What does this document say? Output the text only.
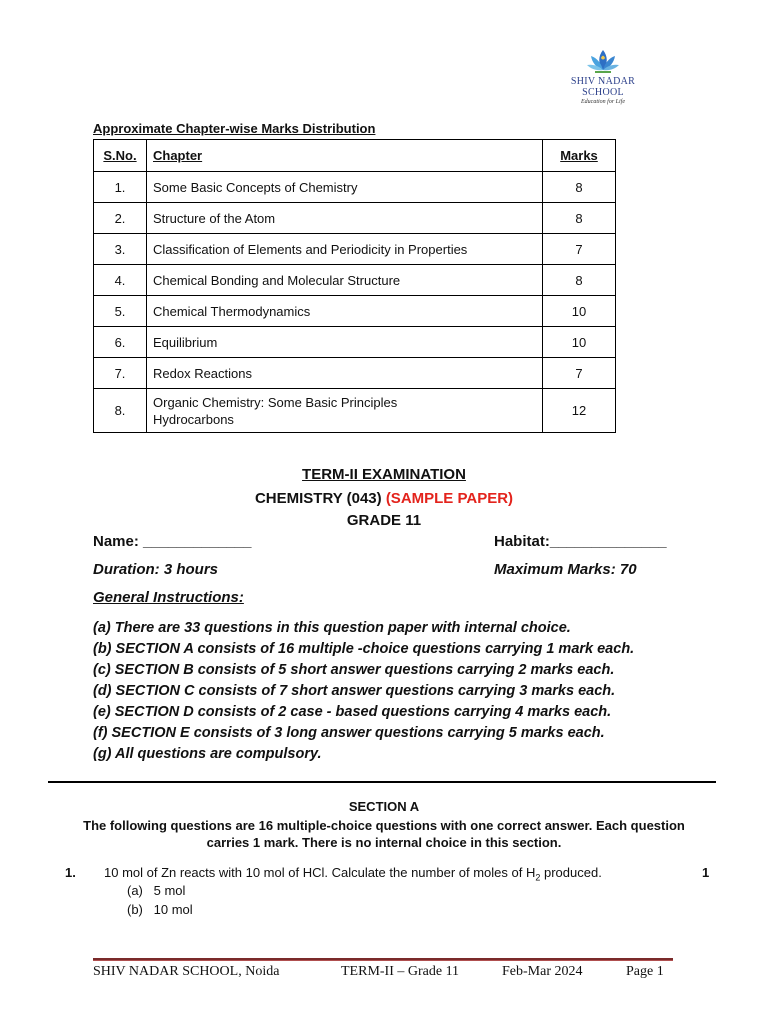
SHIV NADAR SCHOOL
Education for Life
Approximate Chapter-wise Marks Distribution
S.No.	Chapter	Marks
1.	Some Basic Concepts of Chemistry	8
2.	Structure of the Atom	8
3.	Classification of Elements and Periodicity in Properties	7
4.	Chemical Bonding and Molecular Structure	8
5.	Chemical Thermodynamics	10
6.	Equilibrium	10
7.	Redox Reactions	7
8.	Organic Chemistry: Some Basic Principles
Hydrocarbons	12
TERM-II EXAMINATION
CHEMISTRY (043) (SAMPLE PAPER)
GRADE 11
Name: _____________	Habitat:______________
Duration: 3 hours	Maximum Marks: 70
General Instructions:
(a) There are 33 questions in this question paper with internal choice.
(b) SECTION A consists of 16 multiple -choice questions carrying 1 mark each.
(c) SECTION B consists of 5 short answer questions carrying 2 marks each.
(d) SECTION C consists of 7 short answer questions carrying 3 marks each.
(e) SECTION D consists of 2 case - based questions carrying 4 marks each.
(f) SECTION E consists of 3 long answer questions carrying 5 marks each.
(g) All questions are compulsory.
SECTION A
The following questions are 16 multiple-choice questions with one correct answer. Each question
carries 1 mark. There is no internal choice in this section.
1. 10 mol of Zn reacts with 10 mol of HCl. Calculate the number of moles of $H_2$ produced.	1
(a) 5 mol
(b) 10 mol
SHIV NADAR SCHOOL, Noida	TERM-II – Grade 11	Feb-Mar 2024	Page 1
